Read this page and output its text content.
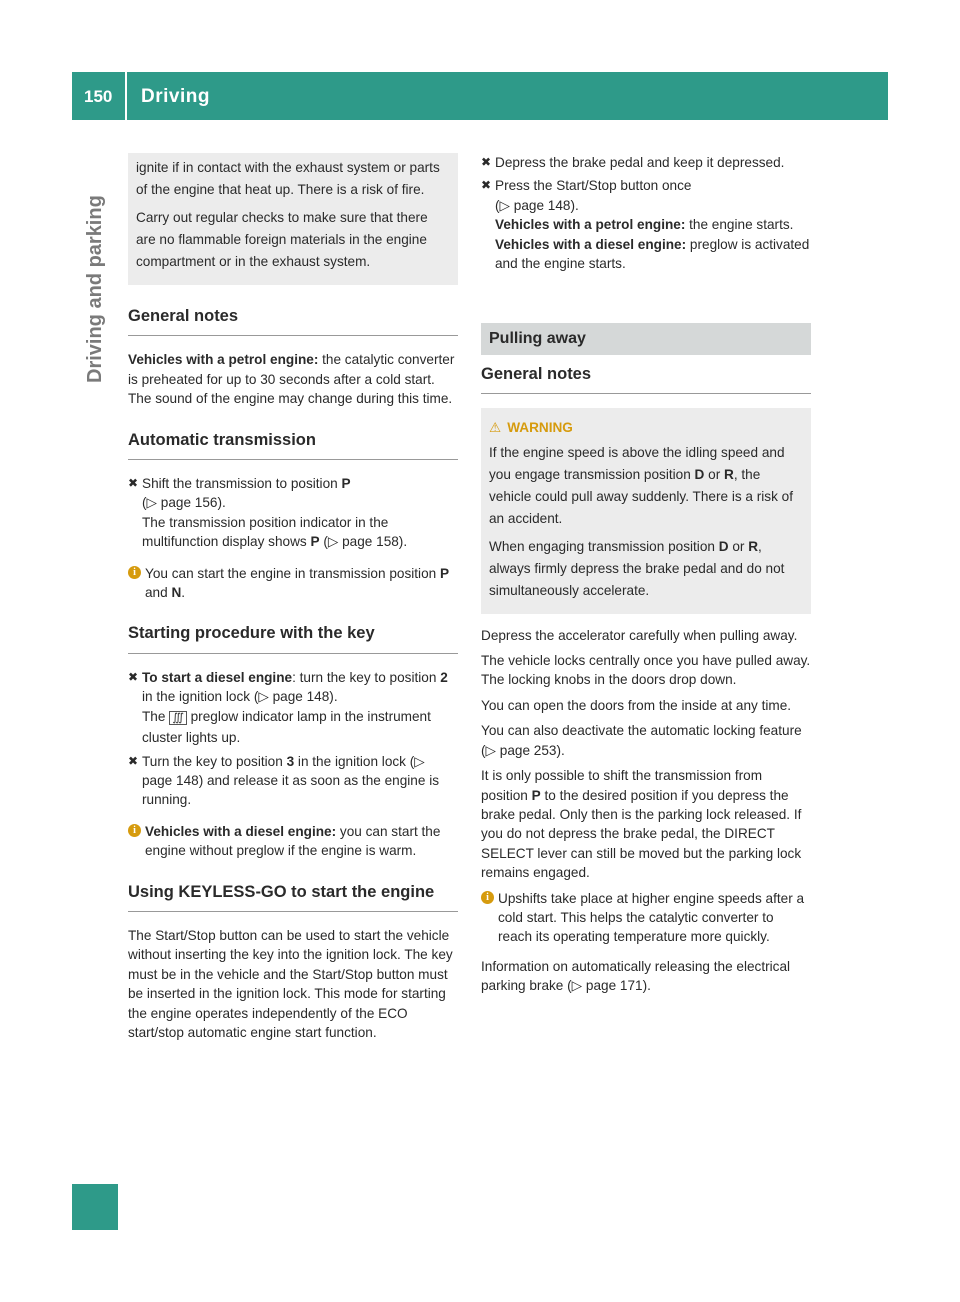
150 Driving
Driving and parking

ignite if in contact with the exhaust system or parts of the engine that heat up. There is a risk of fire.

Carry out regular checks to make sure that there are no flammable foreign materials in the engine compartment or in the exhaust system.

General notes

Vehicles with a petrol engine: the catalytic converter is preheated for up to 30 seconds after a cold start. The sound of the engine may change during this time.

Automatic transmission
✖ Shift the transmission to position P
(▷ page 156).
The transmission position indicator in the multifunction display shows P (▷ page 158).
i You can start the engine in transmission position P and N.
Starting procedure with the key
✖ To start a diesel engine: turn the key to position 2 in the ignition lock (▷ page 148).
The ∭ preglow indicator lamp in the instrument cluster lights up.
✖ Turn the key to position 3 in the ignition lock (▷ page 148) and release it as soon as the engine is running.
i Vehicles with a diesel engine: you can start the engine without preglow if the engine is warm.
Using KEYLESS-GO to start the engine

The Start/Stop button can be used to start the vehicle without inserting the key into the ignition lock. The key must be in the vehicle and the Start/Stop button must be inserted in the ignition lock. This mode for starting the engine operates independently of the ECO start/stop automatic engine start function.

✖ Depress the brake pedal and keep it depressed.
✖ Press the Start/Stop button once
(▷ page 148).
Vehicles with a petrol engine: the engine starts.
Vehicles with a diesel engine: preglow is activated and the engine starts.
Pulling away
General notes
⚠ WARNING

If the engine speed is above the idling speed and you engage transmission position D or R, the vehicle could pull away suddenly. There is a risk of an accident.

When engaging transmission position D or R, always firmly depress the brake pedal and do not simultaneously accelerate.

Depress the accelerator carefully when pulling away.

The vehicle locks centrally once you have pulled away. The locking knobs in the doors drop down.

You can open the doors from the inside at any time.

You can also deactivate the automatic locking feature (▷ page 253).

It is only possible to shift the transmission from position P to the desired position if you depress the brake pedal. Only then is the parking lock released. If you do not depress the brake pedal, the DIRECT SELECT lever can still be moved but the parking lock remains engaged.

i Upshifts take place at higher engine speeds after a cold start. This helps the catalytic converter to reach its operating temperature more quickly.

Information on automatically releasing the electrical parking brake (▷ page 171).
